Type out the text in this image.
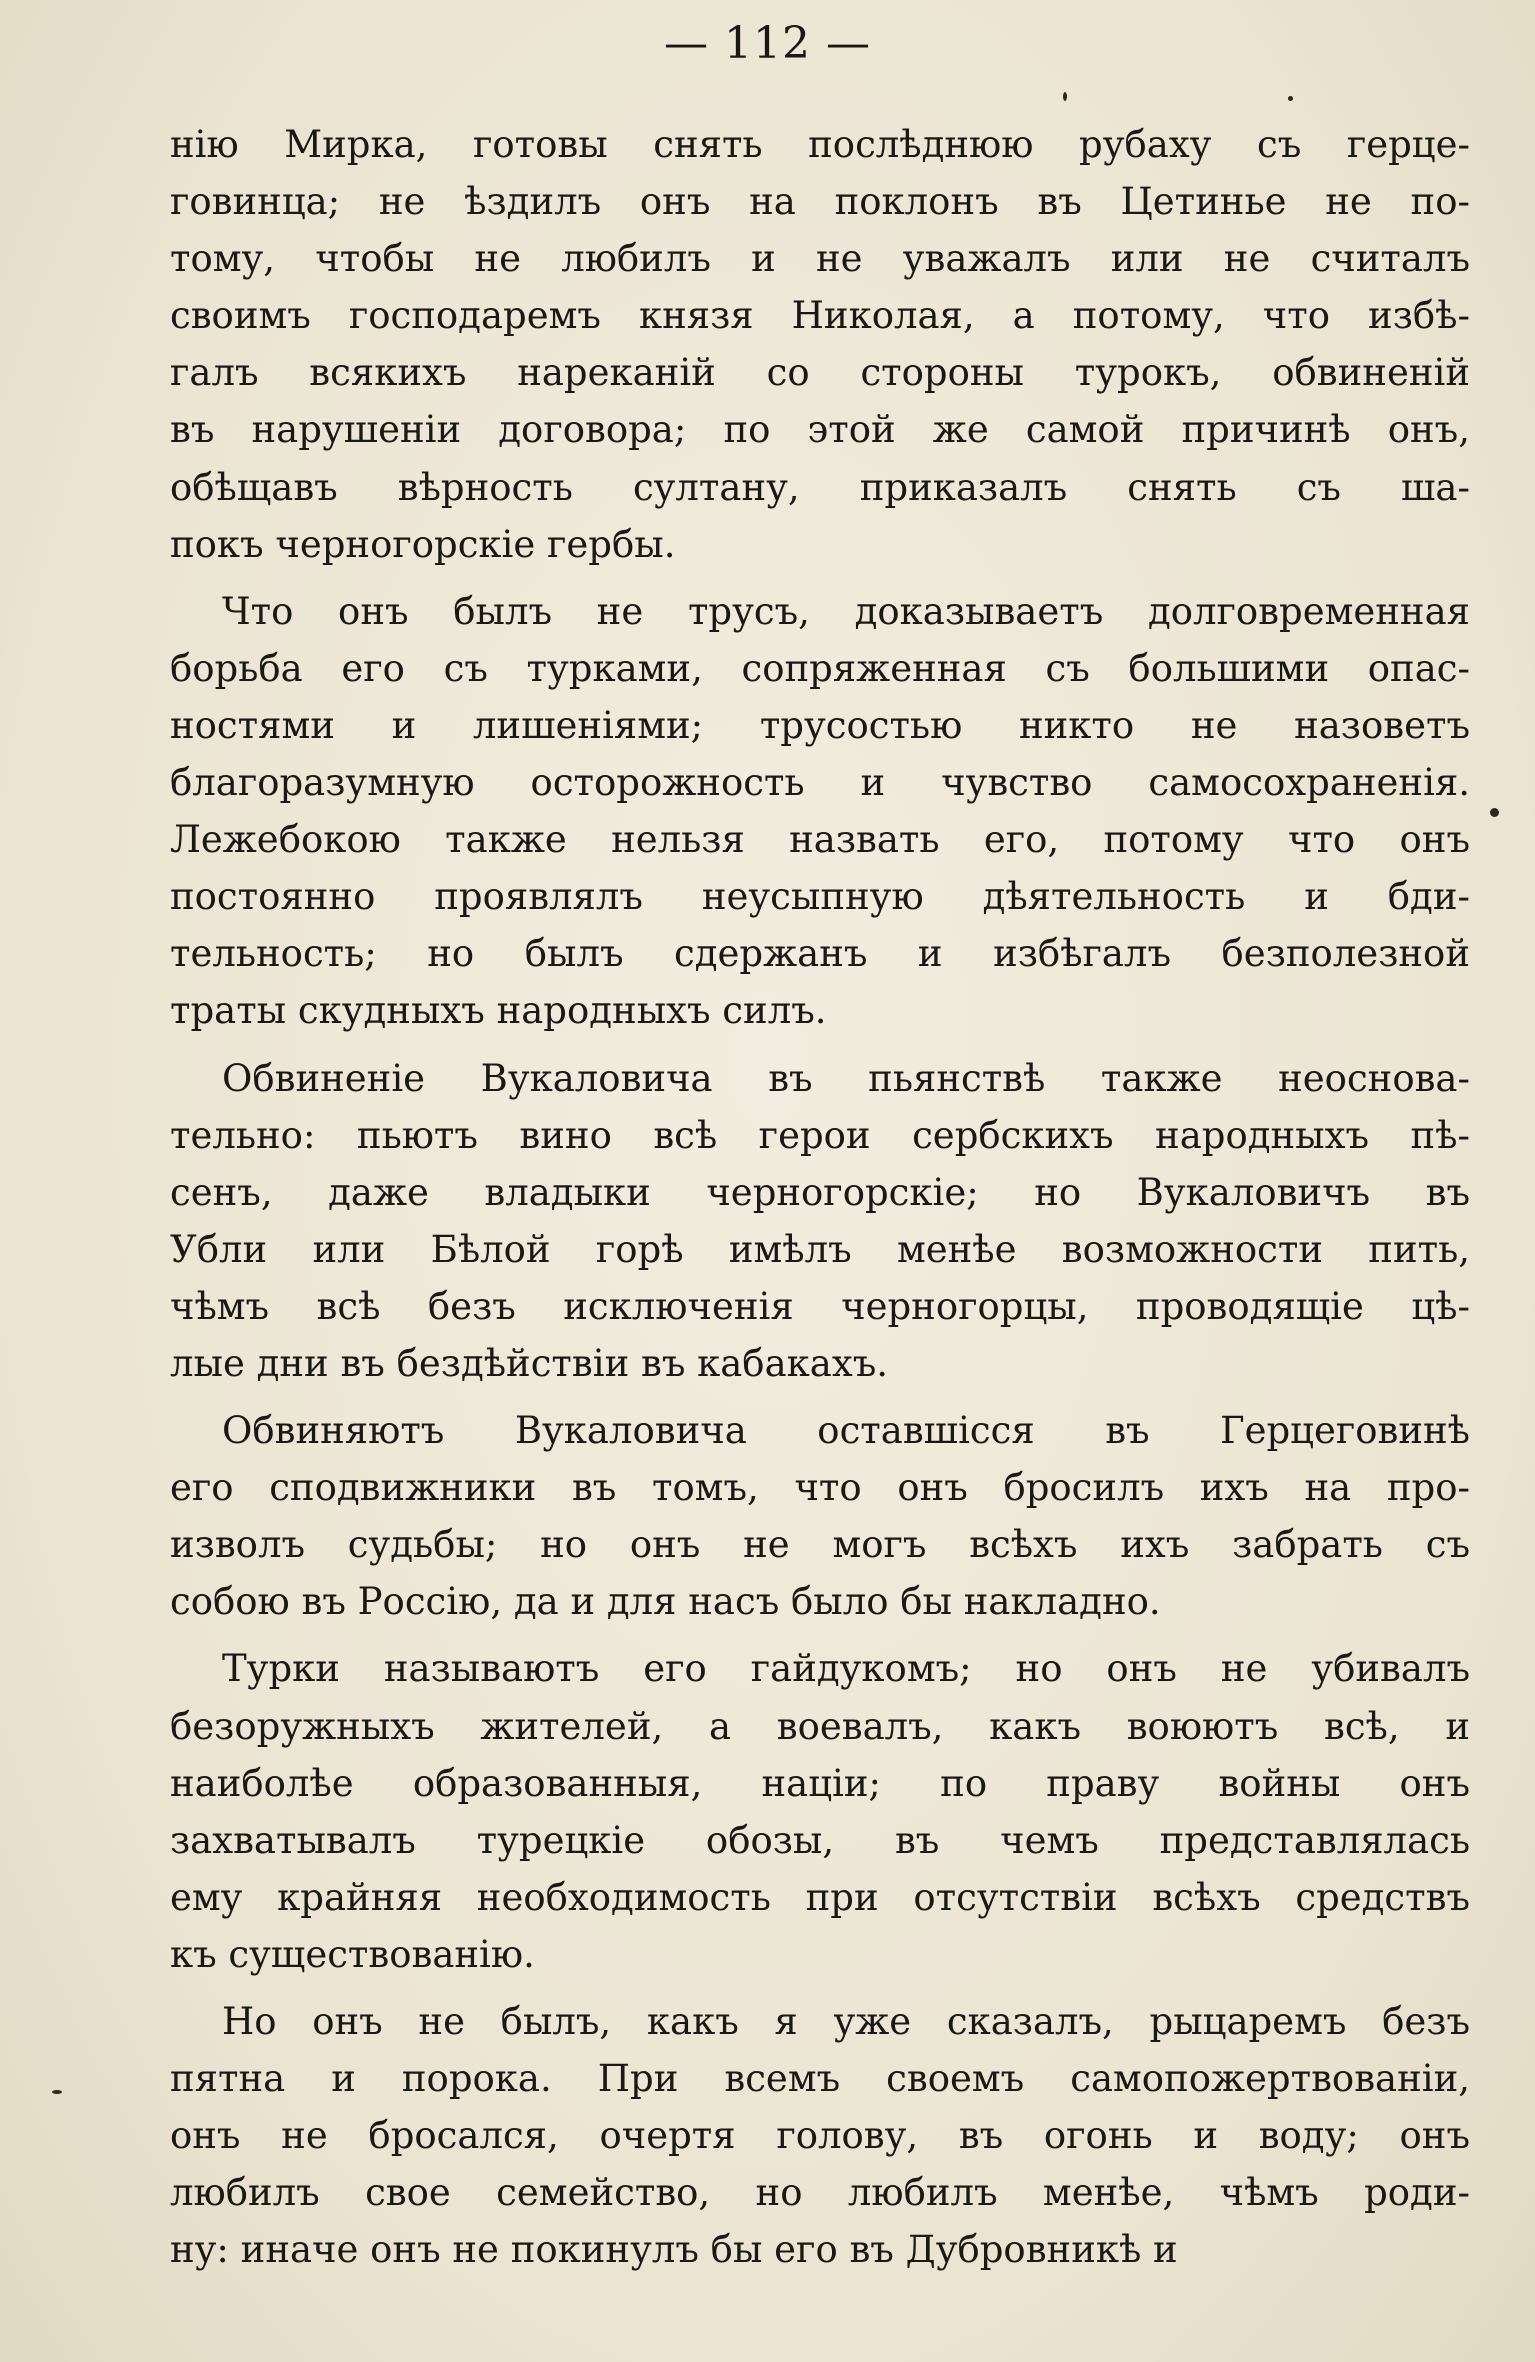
— 112 —
нію Мирка, готовы снять послѣднюю рубаху съ герце-
говинца; не ѣздилъ онъ на поклонъ въ Цетинье не по-
тому, чтобы не любилъ и не уважалъ или не считалъ
своимъ господаремъ князя Николая, а потому, что избѣ-
галъ всякихъ нареканій со стороны турокъ, обвиненій
въ нарушеніи договора; по этой же самой причинѣ онъ,
обѣщавъ вѣрность султану, приказалъ снять съ ша-
покъ черногорскіе гербы.
Что онъ былъ не трусъ, доказываетъ долговременная
борьба его съ турками, сопряженная съ большими опас-
ностями и лишеніями; трусостью никто не назоветъ
благоразумную осторожность и чувство самосохраненія.
Лежебокою также нельзя назвать его, потому что онъ
постоянно проявлялъ неусыпную дѣятельность и бди-
тельность; но былъ сдержанъ и избѣгалъ безполезной
траты скудныхъ народныхъ силъ.
Обвиненіе Вукаловича въ пьянствѣ также неоснова-
тельно: пьютъ вино всѣ герои сербскихъ народныхъ пѣ-
сенъ, даже владыки черногорскіе; но Вукаловичъ въ
Убли или Бѣлой горѣ имѣлъ менѣе возможности пить,
чѣмъ всѣ безъ исключенія черногорцы, проводящіе цѣ-
лые дни въ бездѣйствіи въ кабакахъ.
Обвиняютъ Вукаловича оставшісся въ Герцеговинѣ
его сподвижники въ томъ, что онъ бросилъ ихъ на про-
изволъ судьбы; но онъ не могъ всѣхъ ихъ забрать съ
собою въ Россію, да и для насъ было бы накладно.
Турки называютъ его гайдукомъ; но онъ не убивалъ
безоружныхъ жителей, а воевалъ, какъ воюютъ всѣ, и
наиболѣе образованныя, націи; по праву войны онъ
захватывалъ турецкіе обозы, въ чемъ представлялась
ему крайняя необходимость при отсутствіи всѣхъ средствъ
къ существованію.
Но онъ не былъ, какъ я уже сказалъ, рыцаремъ безъ
пятна и порока. При всемъ своемъ самопожертвованіи,
онъ не бросался, очертя голову, въ огонь и воду; онъ
любилъ свое семейство, но любилъ менѣе, чѣмъ роди-
ну: иначе онъ не покинулъ бы его въ Дубровникѣ и
